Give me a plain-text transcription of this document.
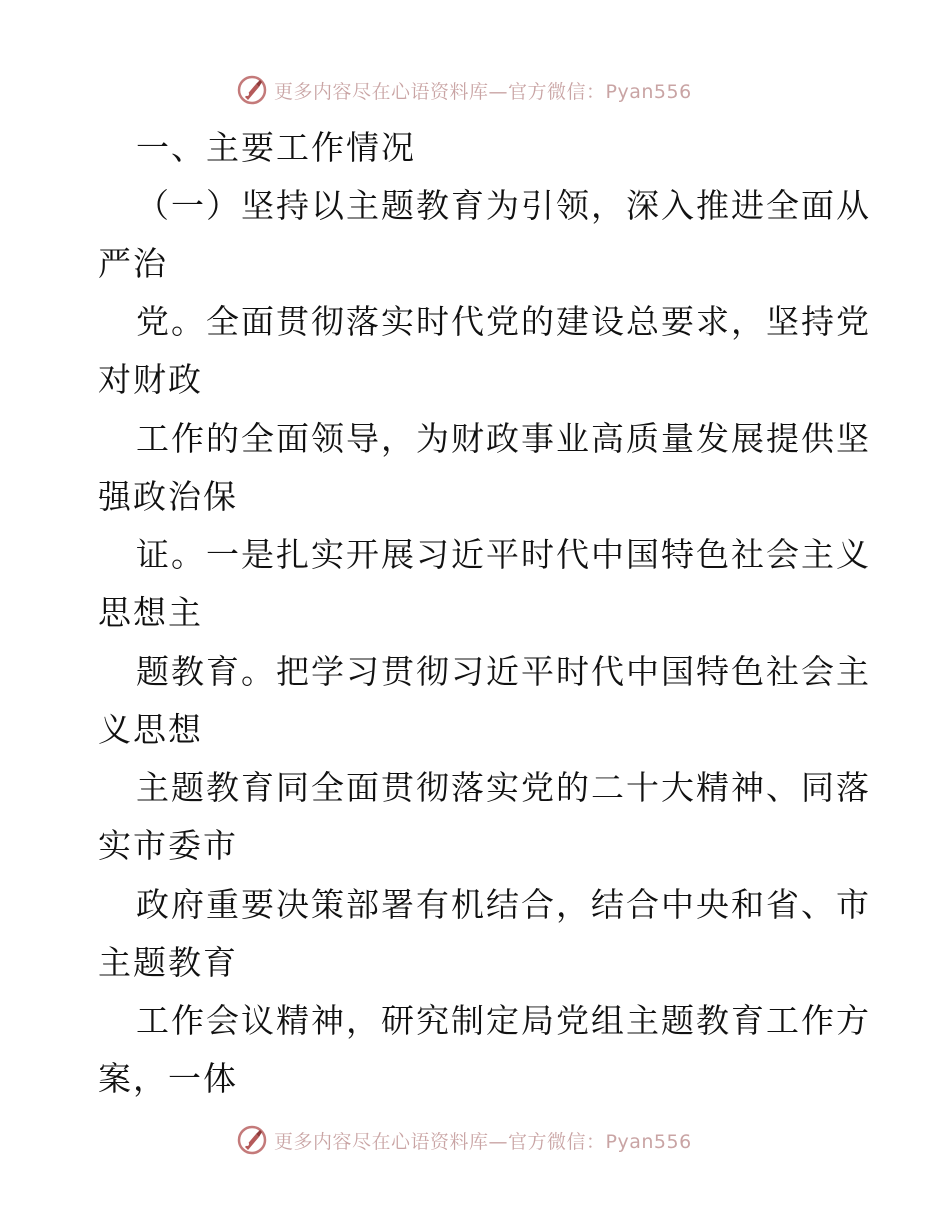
更多内容尽在心语资料库—官方微信：Pyan556
一、主要工作情况
（一）坚持以主题教育为引领，深入推进全面从
严治
党。全面贯彻落实时代党的建设总要求，坚持党
对财政
工作的全面领导，为财政事业高质量发展提供坚
强政治保
证。一是扎实开展习近平时代中国特色社会主义
思想主
题教育。把学习贯彻习近平时代中国特色社会主
义思想
主题教育同全面贯彻落实党的二十大精神、同落
实市委市
政府重要决策部署有机结合，结合中央和省、市
主题教育
工作会议精神，研究制定局党组主题教育工作方
案，一体
更多内容尽在心语资料库—官方微信：Pyan556
